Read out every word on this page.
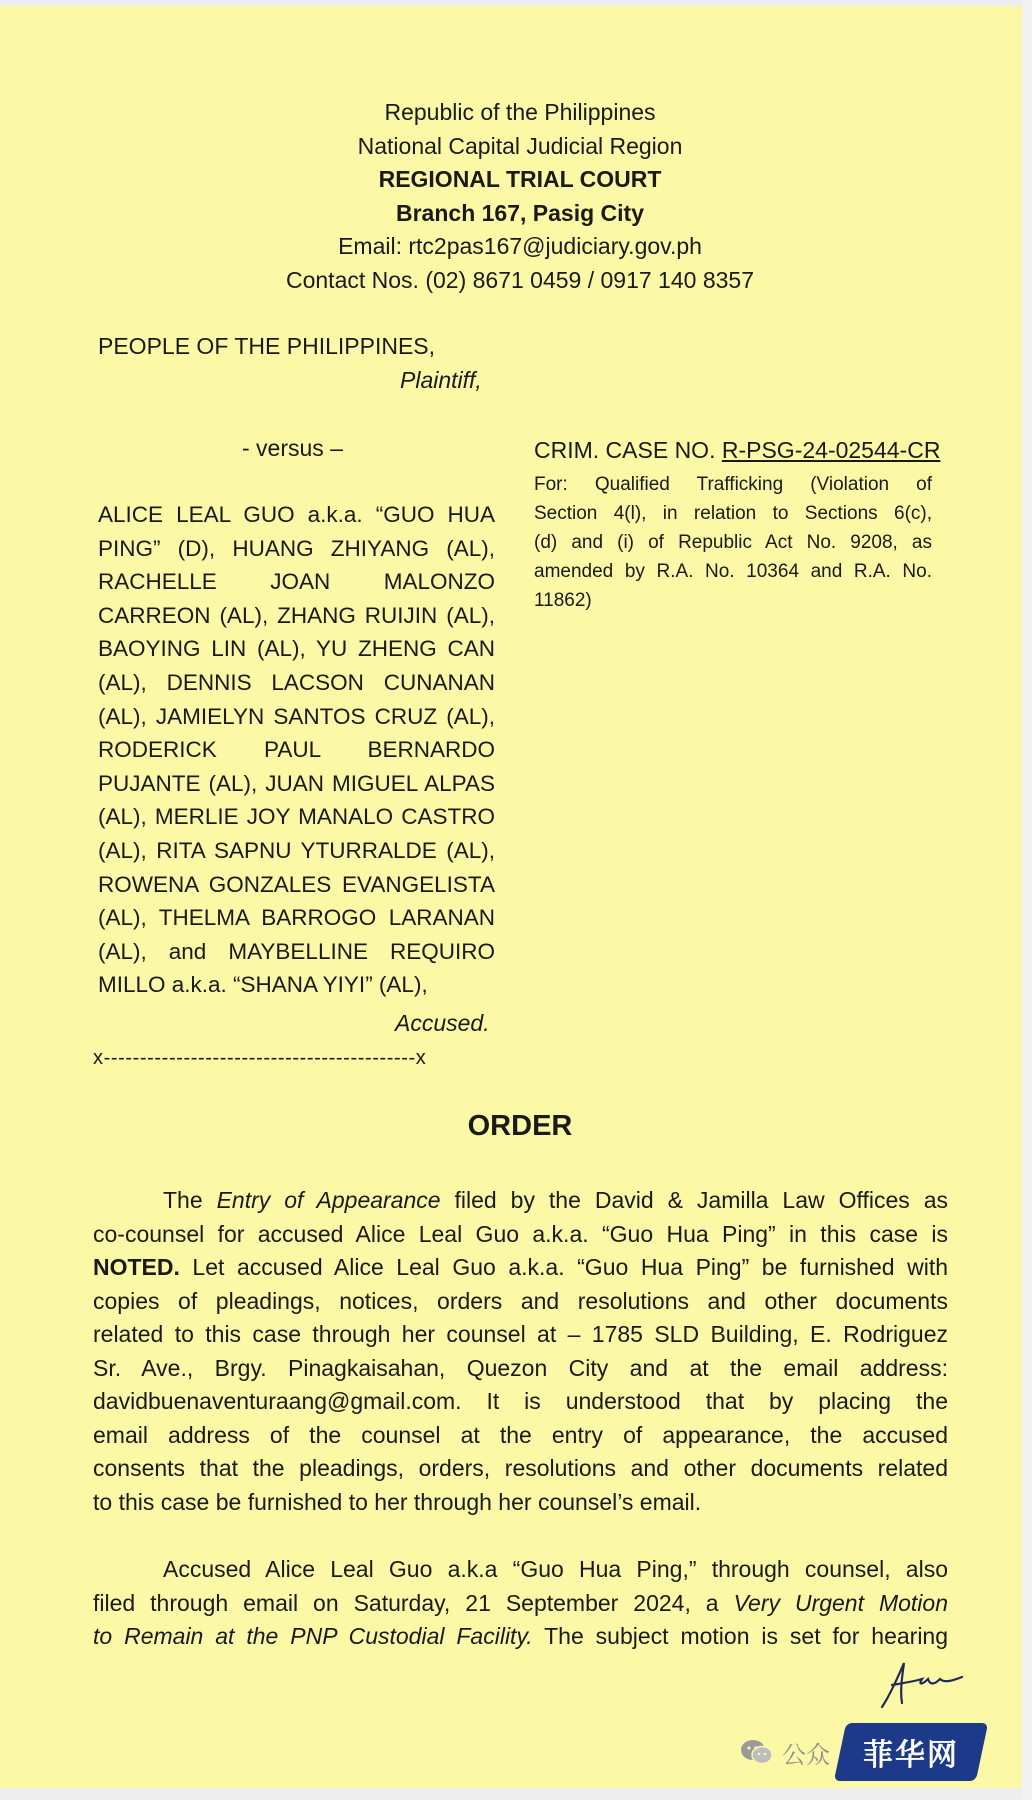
Republic of the Philippines
National Capital Judicial Region
REGIONAL TRIAL COURT
Branch 167, Pasig City
Email: rtc2pas167@judiciary.gov.ph
Contact Nos. (02) 8671 0459 / 0917 140 8357
PEOPLE OF THE PHILIPPINES,
Plaintiff,
- versus –
ALICE LEAL GUO a.k.a. “GUO HUA
PING” (D), HUANG ZHIYANG (AL),
RACHELLE JOAN MALONZO
CARREON (AL), ZHANG RUIJIN (AL),
BAOYING LIN (AL), YU ZHENG CAN
(AL), DENNIS LACSON CUNANAN
(AL), JAMIELYN SANTOS CRUZ (AL),
RODERICK PAUL BERNARDO
PUJANTE (AL), JUAN MIGUEL ALPAS
(AL), MERLIE JOY MANALO CASTRO
(AL), RITA SAPNU YTURRALDE (AL),
ROWENA GONZALES EVANGELISTA
(AL), THELMA BARROGO LARANAN
(AL), and MAYBELLINE REQUIRO
MILLO a.k.a. “SHANA YIYI” (AL),
Accused.
x-------------------------------------------x
CRIM. CASE NO. R-PSG-24-02544-CR
For: Qualified Trafficking (Violation of
Section 4(l), in relation to Sections 6(c),
(d) and (i) of Republic Act No. 9208, as
amended by R.A. No. 10364 and R.A. No.
11862)
ORDER
The Entry of Appearance filed by the David & Jamilla Law Offices as
co-counsel for accused Alice Leal Guo a.k.a. “Guo Hua Ping” in this case is
NOTED. Let accused Alice Leal Guo a.k.a. “Guo Hua Ping” be furnished with
copies of pleadings, notices, orders and resolutions and other documents
related to this case through her counsel at – 1785 SLD Building, E. Rodriguez
Sr. Ave., Brgy. Pinagkaisahan, Quezon City and at the email address:
davidbuenaventuraang@gmail.com. It is understood that by placing the
email address of the counsel at the entry of appearance, the accused
consents that the pleadings, orders, resolutions and other documents related
to this case be furnished to her through her counsel’s email.
Accused Alice Leal Guo a.k.a “Guo Hua Ping,” through counsel, also
filed through email on Saturday, 21 September 2024, a Very Urgent Motion
to Remain at the PNP Custodial Facility. The subject motion is set for hearing
公众 菲华网
